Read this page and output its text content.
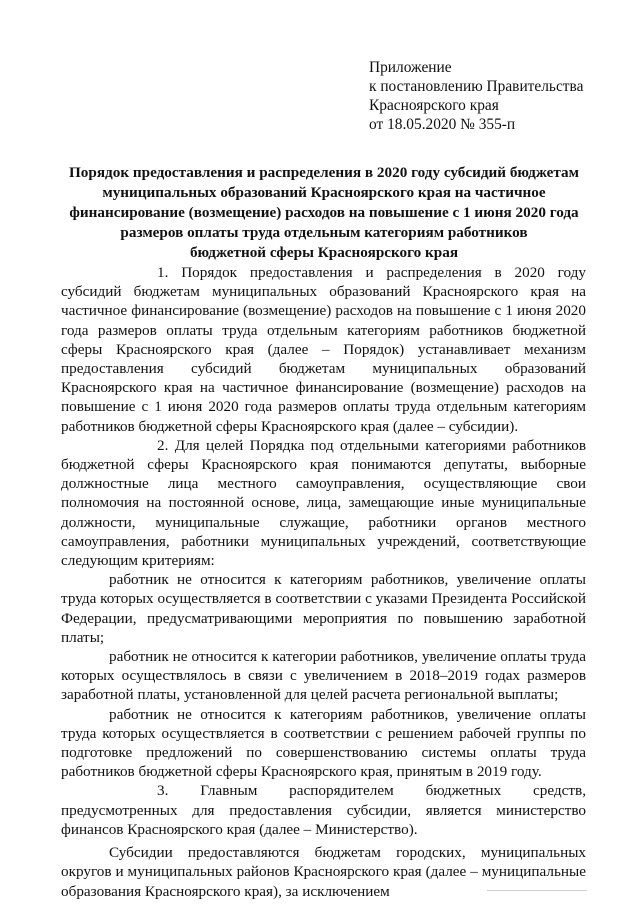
Приложение
к постановлению Правительства
Красноярского края
от 18.05.2020 № 355-п
Порядок предоставления и распределения в 2020 году субсидий бюджетам
муниципальных образований Красноярского края на частичное
финансирование (возмещение) расходов на повышение с 1 июня 2020 года
размеров оплаты труда отдельным категориям работников
бюджетной сферы Красноярского края

1. Порядок предоставления и распределения в 2020 году субсидий бюджетам муниципальных образований Красноярского края на частичное финансирование (возмещение) расходов на повышение с 1 июня 2020 года размеров оплаты труда отдельным категориям работников бюджетной сферы Красноярского края (далее – Порядок) устанавливает механизм предоставления субсидий бюджетам муниципальных образований Красноярского края на частичное финансирование (возмещение) расходов на повышение с 1 июня 2020 года размеров оплаты труда отдельным категориям работников бюджетной сферы Красноярского края (далее – субсидии).

2. Для целей Порядка под отдельными категориями работников бюджетной сферы Красноярского края понимаются депутаты, выборные должностные лица местного самоуправления, осуществляющие свои полномочия на постоянной основе, лица, замещающие иные муниципальные должности, муниципальные служащие, работники органов местного самоуправления, работники муниципальных учреждений, соответствующие следующим критериям:

работник не относится к категориям работников, увеличение оплаты труда которых осуществляется в соответствии с указами Президента Российской Федерации, предусматривающими мероприятия по повышению заработной платы;

работник не относится к категории работников, увеличение оплаты труда которых осуществлялось в связи с увеличением в 2018–2019 годах размеров заработной платы, установленной для целей расчета региональной выплаты;

работник не относится к категориям работников, увеличение оплаты труда которых осуществляется в соответствии с решением рабочей группы по подготовке предложений по совершенствованию системы оплаты труда работников бюджетной сферы Красноярского края, принятым в 2019 году.

3. Главным распорядителем бюджетных средств, предусмотренных для предоставления субсидии, является министерство финансов Красноярского края (далее – Министерство).

Субсидии предоставляются бюджетам городских, муниципальных округов и муниципальных районов Красноярского края (далее – муниципальные образования Красноярского края), за исключением
